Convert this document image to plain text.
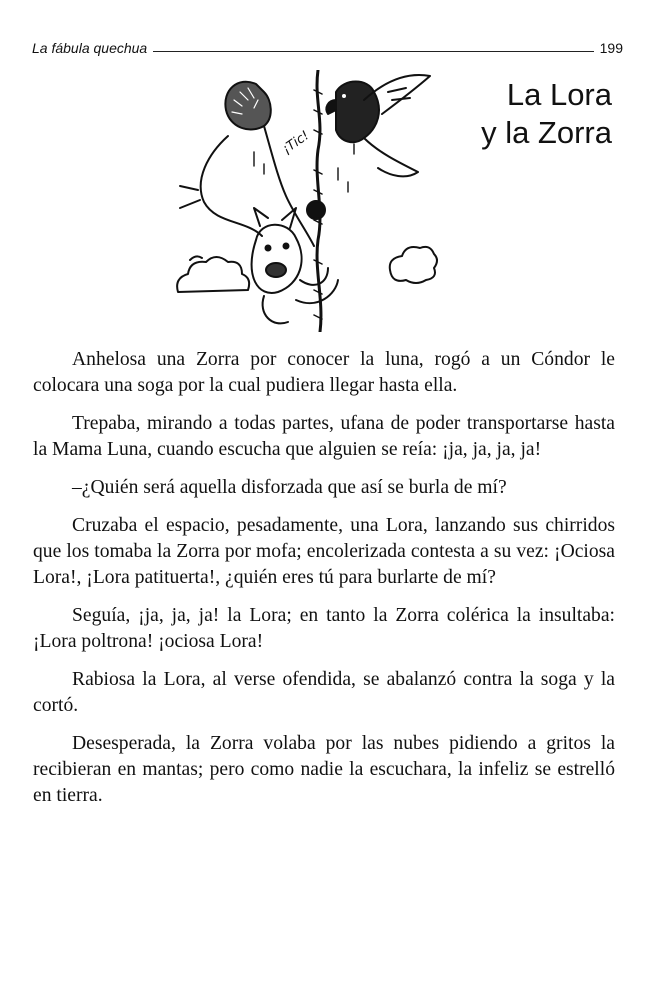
La fábula quechua	199
¡Tic!
La Lora
y la Zorra

Anhelosa una Zorra por conocer la luna, rogó a un Cóndor le colocara una soga por la cual pudiera llegar hasta ella.

Trepaba, mirando a todas partes, ufana de poder transportarse hasta la Mama Luna, cuando escucha que alguien se reía: ¡ja, ja, ja, ja!

–¿Quién será aquella disforzada que así se burla de mí?

Cruzaba el espacio, pesadamente, una Lora, lanzando sus chirridos que los tomaba la Zorra por mofa; encolerizada contesta a su vez: ¡Ociosa Lora!, ¡Lora patituerta!, ¿quién eres tú para burlarte de mí?

Seguía, ¡ja, ja, ja! la Lora; en tanto la Zorra colérica la insultaba: ¡Lora poltrona! ¡ociosa Lora!

Rabiosa la Lora, al verse ofendida, se abalanzó contra la soga y la cortó.

Desesperada, la Zorra volaba por las nubes pidiendo a gritos la recibieran en mantas; pero como nadie la escuchara, la infeliz se estrelló en tierra.
